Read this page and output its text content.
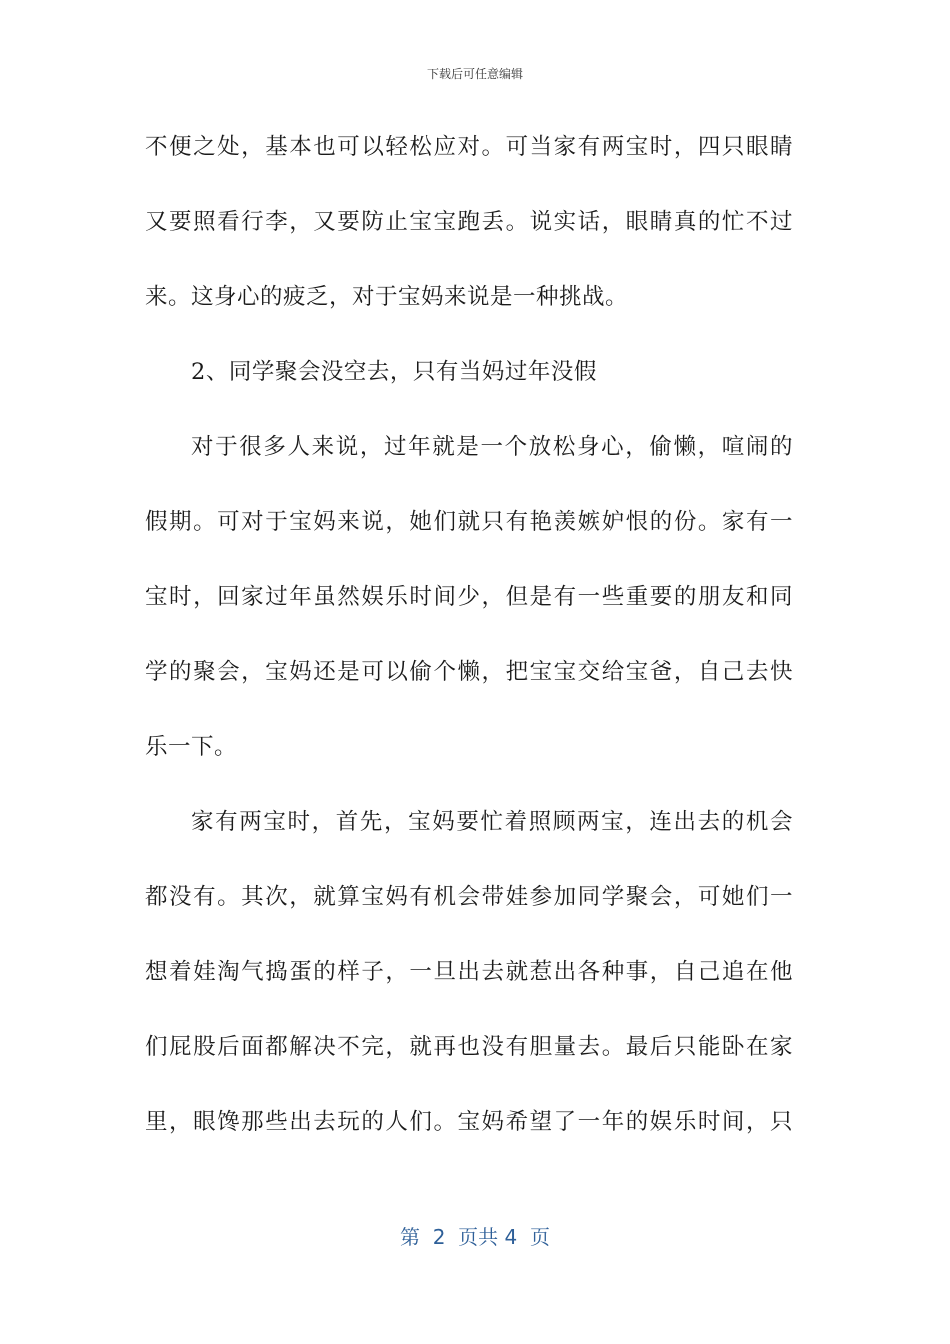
下载后可任意编辑
不便之处，基本也可以轻松应对。可当家有两宝时，四只眼睛
又要照看行李，又要防止宝宝跑丢。说实话，眼睛真的忙不过
来。这身心的疲乏，对于宝妈来说是一种挑战。
2、同学聚会没空去，只有当妈过年没假
对于很多人来说，过年就是一个放松身心，偷懒，喧闹的
假期。可对于宝妈来说，她们就只有艳羡嫉妒恨的份。家有一
宝时，回家过年虽然娱乐时间少，但是有一些重要的朋友和同
学的聚会，宝妈还是可以偷个懒，把宝宝交给宝爸，自己去快
乐一下。
家有两宝时，首先，宝妈要忙着照顾两宝，连出去的机会
都没有。其次，就算宝妈有机会带娃参加同学聚会，可她们一
想着娃淘气捣蛋的样子，一旦出去就惹出各种事，自己追在他
们屁股后面都解决不完，就再也没有胆量去。最后只能卧在家
里，眼馋那些出去玩的人们。宝妈希望了一年的娱乐时间，只
第  2  页共 4  页
